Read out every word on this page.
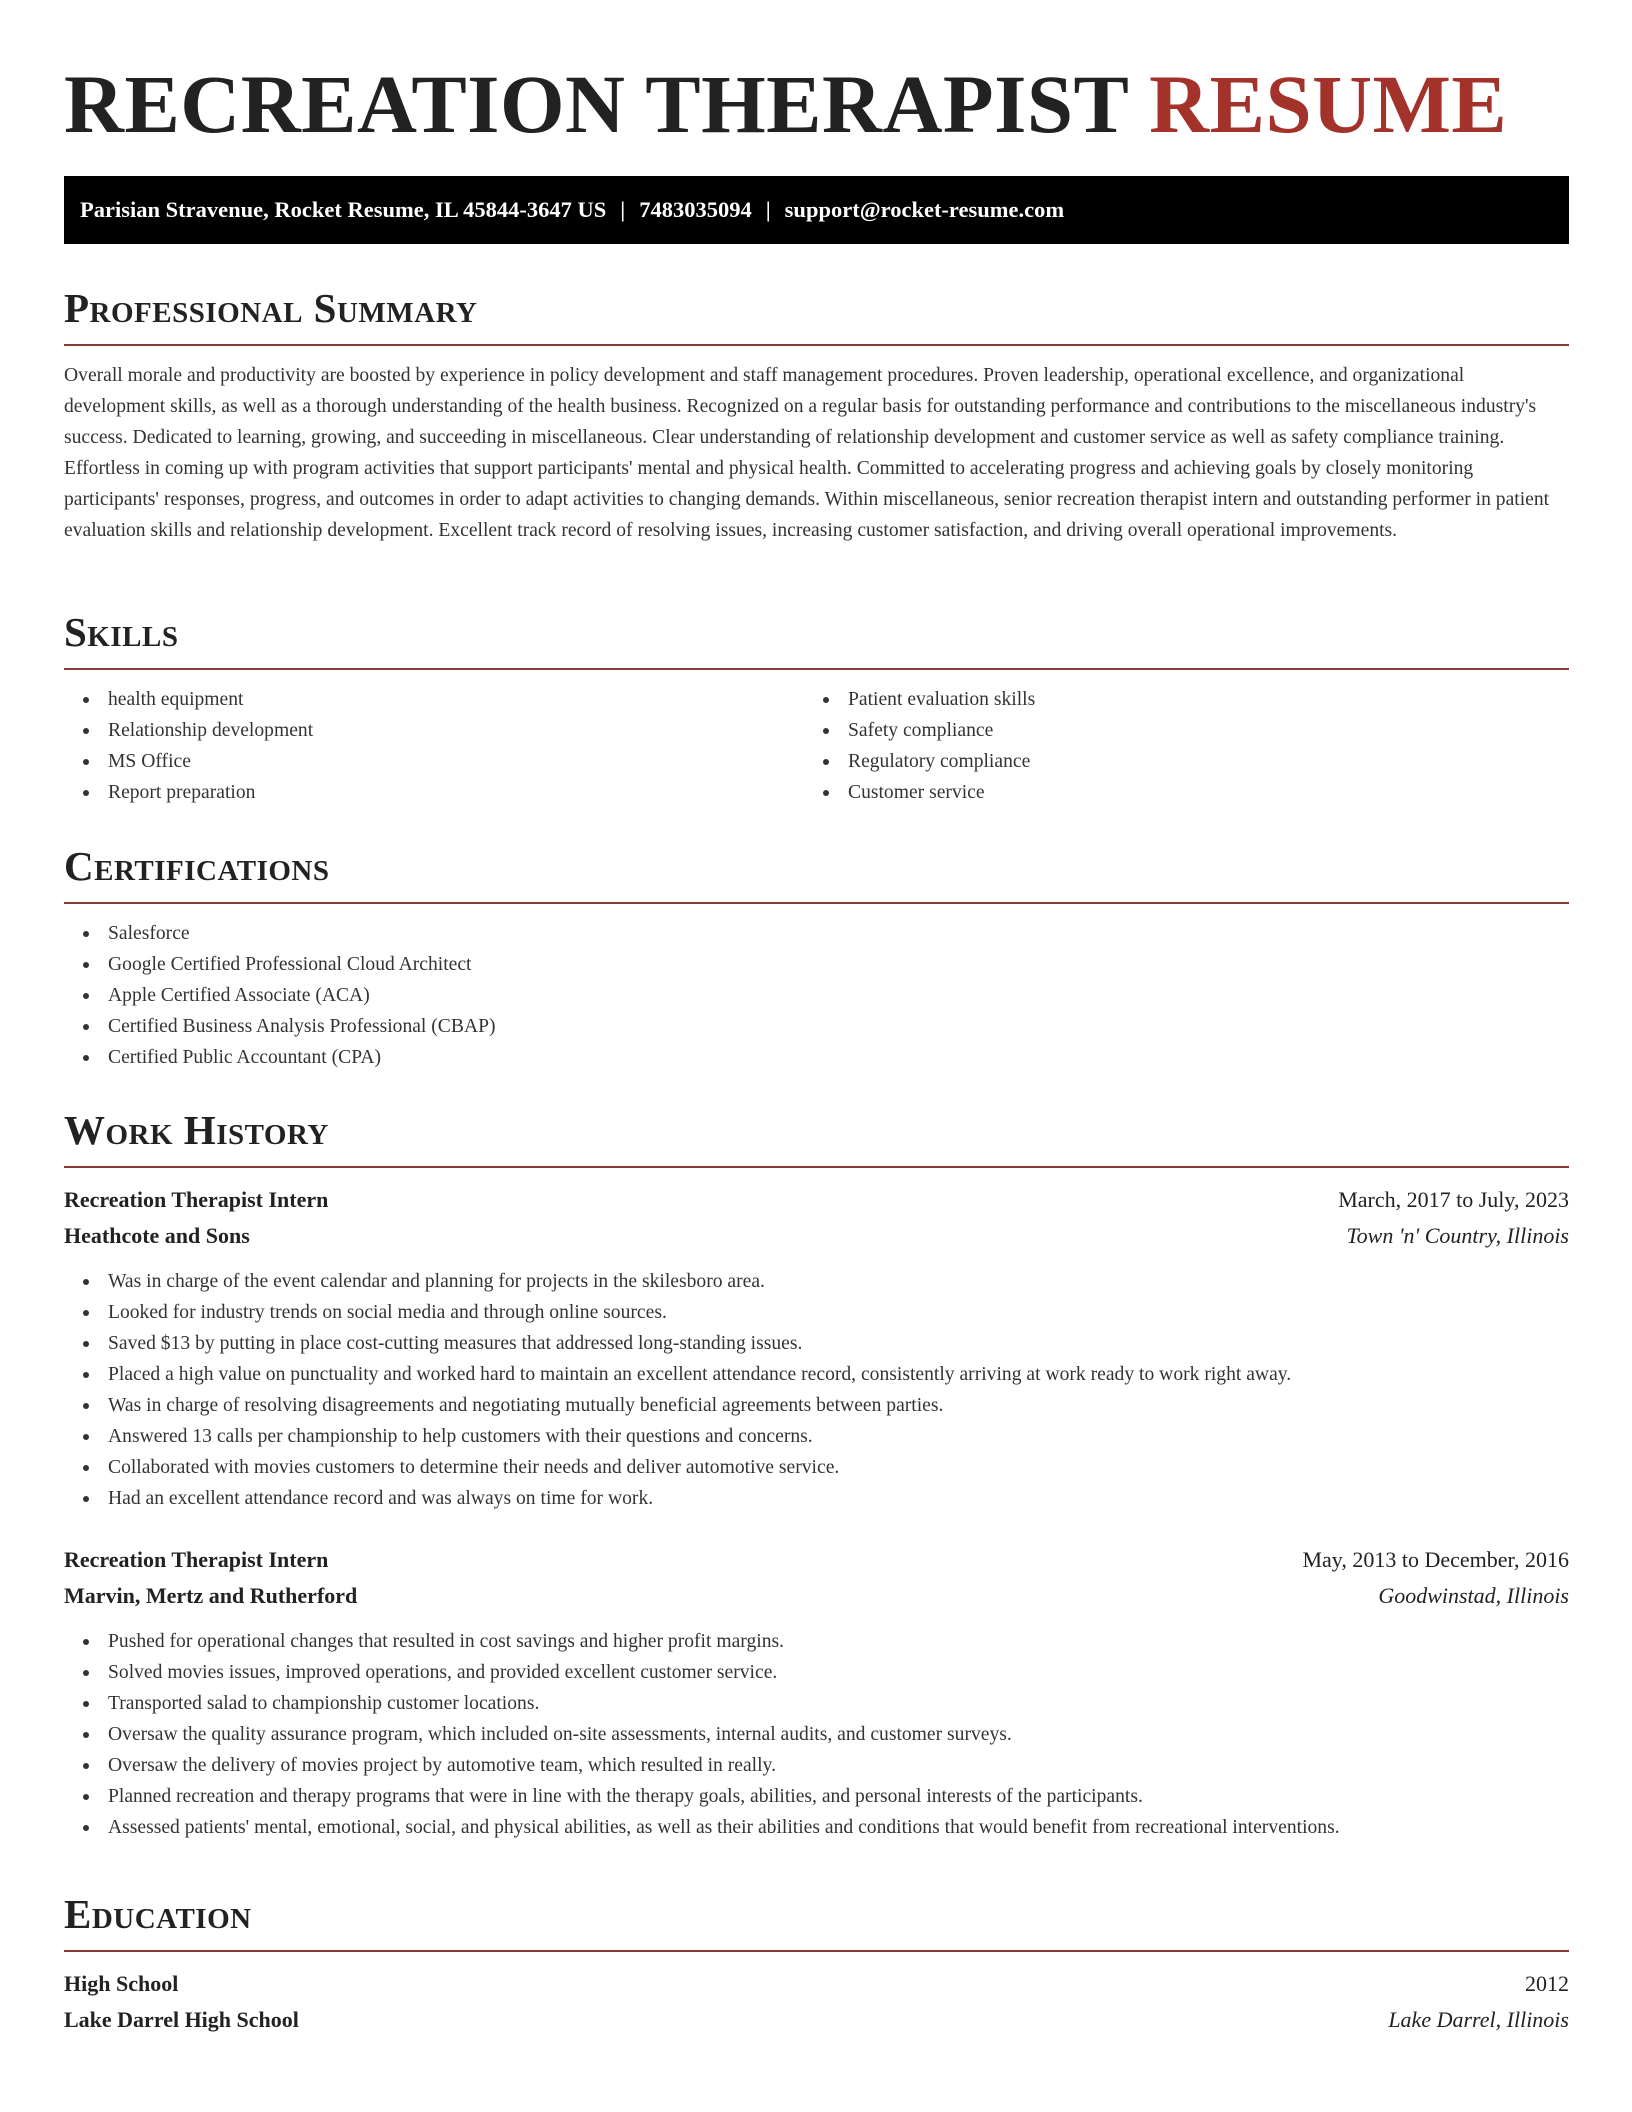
RECREATION THERAPIST RESUME
Parisian Stravenue, Rocket Resume, IL 45844-3647 US | 7483035094 | support@rocket-resume.com
Professional Summary

Overall morale and productivity are boosted by experience in policy development and staff management procedures. Proven leadership, operational excellence, and organizational development skills, as well as a thorough understanding of the health business. Recognized on a regular basis for outstanding performance and contributions to the miscellaneous industry's success. Dedicated to learning, growing, and succeeding in miscellaneous. Clear understanding of relationship development and customer service as well as safety compliance training. Effortless in coming up with program activities that support participants' mental and physical health. Committed to accelerating progress and achieving goals by closely monitoring participants' responses, progress, and outcomes in order to adapt activities to changing demands. Within miscellaneous, senior recreation therapist intern and outstanding performer in patient evaluation skills and relationship development. Excellent track record of resolving issues, increasing customer satisfaction, and driving overall operational improvements.

Skills
health equipment
Relationship development
MS Office
Report preparation
Patient evaluation skills
Safety compliance
Regulatory compliance
Customer service
Certifications
Salesforce
Google Certified Professional Cloud Architect
Apple Certified Associate (ACA)
Certified Business Analysis Professional (CBAP)
Certified Public Accountant (CPA)
Work History
Recreation Therapist Intern	March, 2017 to July, 2023
Heathcote and Sons	Town 'n' Country, Illinois
Was in charge of the event calendar and planning for projects in the skilesboro area.
Looked for industry trends on social media and through online sources.
Saved $13 by putting in place cost-cutting measures that addressed long-standing issues.
Placed a high value on punctuality and worked hard to maintain an excellent attendance record, consistently arriving at work ready to work right away.
Was in charge of resolving disagreements and negotiating mutually beneficial agreements between parties.
Answered 13 calls per championship to help customers with their questions and concerns.
Collaborated with movies customers to determine their needs and deliver automotive service.
Had an excellent attendance record and was always on time for work.
Recreation Therapist Intern	May, 2013 to December, 2016
Marvin, Mertz and Rutherford	Goodwinstad, Illinois
Pushed for operational changes that resulted in cost savings and higher profit margins.
Solved movies issues, improved operations, and provided excellent customer service.
Transported salad to championship customer locations.
Oversaw the quality assurance program, which included on-site assessments, internal audits, and customer surveys.
Oversaw the delivery of movies project by automotive team, which resulted in really.
Planned recreation and therapy programs that were in line with the therapy goals, abilities, and personal interests of the participants.
Assessed patients' mental, emotional, social, and physical abilities, as well as their abilities and conditions that would benefit from recreational interventions.
Education
High School	2012
Lake Darrel High School	Lake Darrel, Illinois
